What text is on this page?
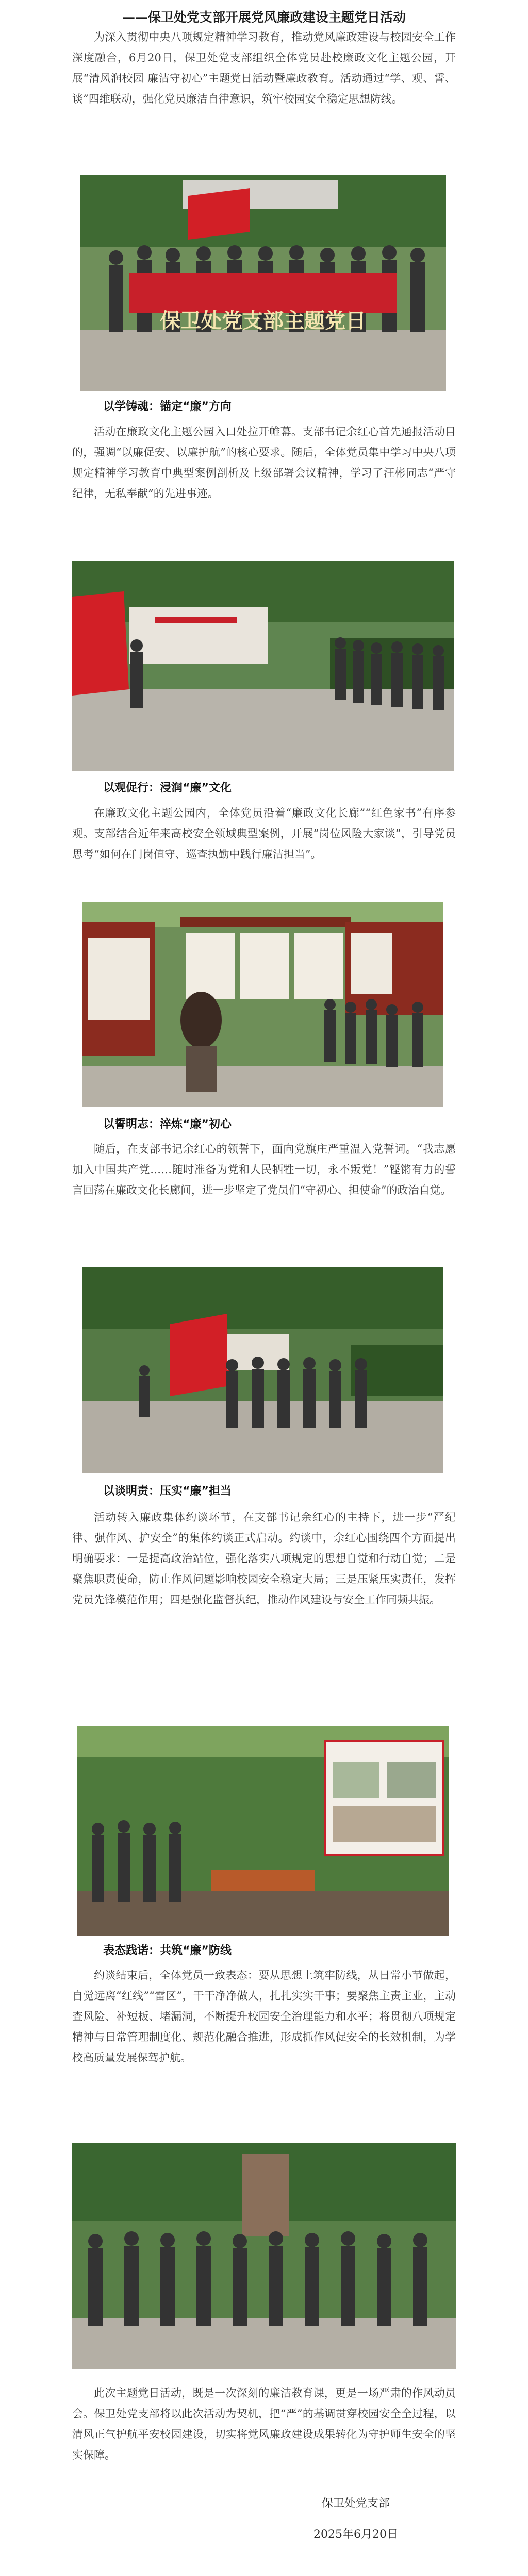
——保卫处党支部开展党风廉政建设主题党日活动
为深入贯彻中央八项规定精神学习教育，推动党风廉政建设与校园安全工作深度融合，6月20日，保卫处党支部组织全体党员赴校廉政文化主题公园，开展“清风润校园 廉洁守初心”主题党日活动暨廉政教育。活动通过“学、观、誓、谈”四维联动，强化党员廉洁自律意识，筑牢校园安全稳定思想防线。
保卫处党支部主题党日
以学铸魂：锚定“廉”方向
活动在廉政文化主题公园入口处拉开帷幕。支部书记余红心首先通报活动目的，强调“以廉促安、以廉护航”的核心要求。随后，全体党员集中学习中央八项规定精神学习教育中典型案例剖析及上级部署会议精神，学习了汪彬同志“严守纪律，无私奉献”的先进事迹。
以观促行：浸润“廉”文化
在廉政文化主题公园内，全体党员沿着“廉政文化长廊”“红色家书”有序参观。支部结合近年来高校安全领域典型案例，开展“岗位风险大家谈”，引导党员思考“如何在门岗值守、巡查执勤中践行廉洁担当”。
以誓明志：淬炼“廉”初心
随后，在支部书记余红心的领誓下，面向党旗庄严重温入党誓词。“我志愿加入中国共产党……随时准备为党和人民牺牲一切，永不叛党！”铿锵有力的誓言回荡在廉政文化长廊间，进一步坚定了党员们“守初心、担使命”的政治自觉。
以谈明责：压实“廉”担当
活动转入廉政集体约谈环节，在支部书记余红心的主持下，进一步“严纪律、强作风、护安全”的集体约谈正式启动。约谈中，余红心围绕四个方面提出明确要求：一是提高政治站位，强化落实八项规定的思想自觉和行动自觉；二是聚焦职责使命，防止作风问题影响校园安全稳定大局；三是压紧压实责任，发挥党员先锋模范作用；四是强化监督执纪，推动作风建设与安全工作同频共振。
表态践诺：共筑“廉”防线
约谈结束后，全体党员一致表态：要从思想上筑牢防线，从日常小节做起，自觉远离“红线”“雷区”，干干净净做人，扎扎实实干事；要聚焦主责主业，主动查风险、补短板、堵漏洞，不断提升校园安全治理能力和水平；将贯彻八项规定精神与日常管理制度化、规范化融合推进，形成抓作风促安全的长效机制，为学校高质量发展保驾护航。
此次主题党日活动，既是一次深刻的廉洁教育课，更是一场严肃的作风动员会。保卫处党支部将以此次活动为契机，把“严”的基调贯穿校园安全全过程，以清风正气护航平安校园建设，切实将党风廉政建设成果转化为守护师生安全的坚实保障。
保卫处党支部
2025年6月20日
